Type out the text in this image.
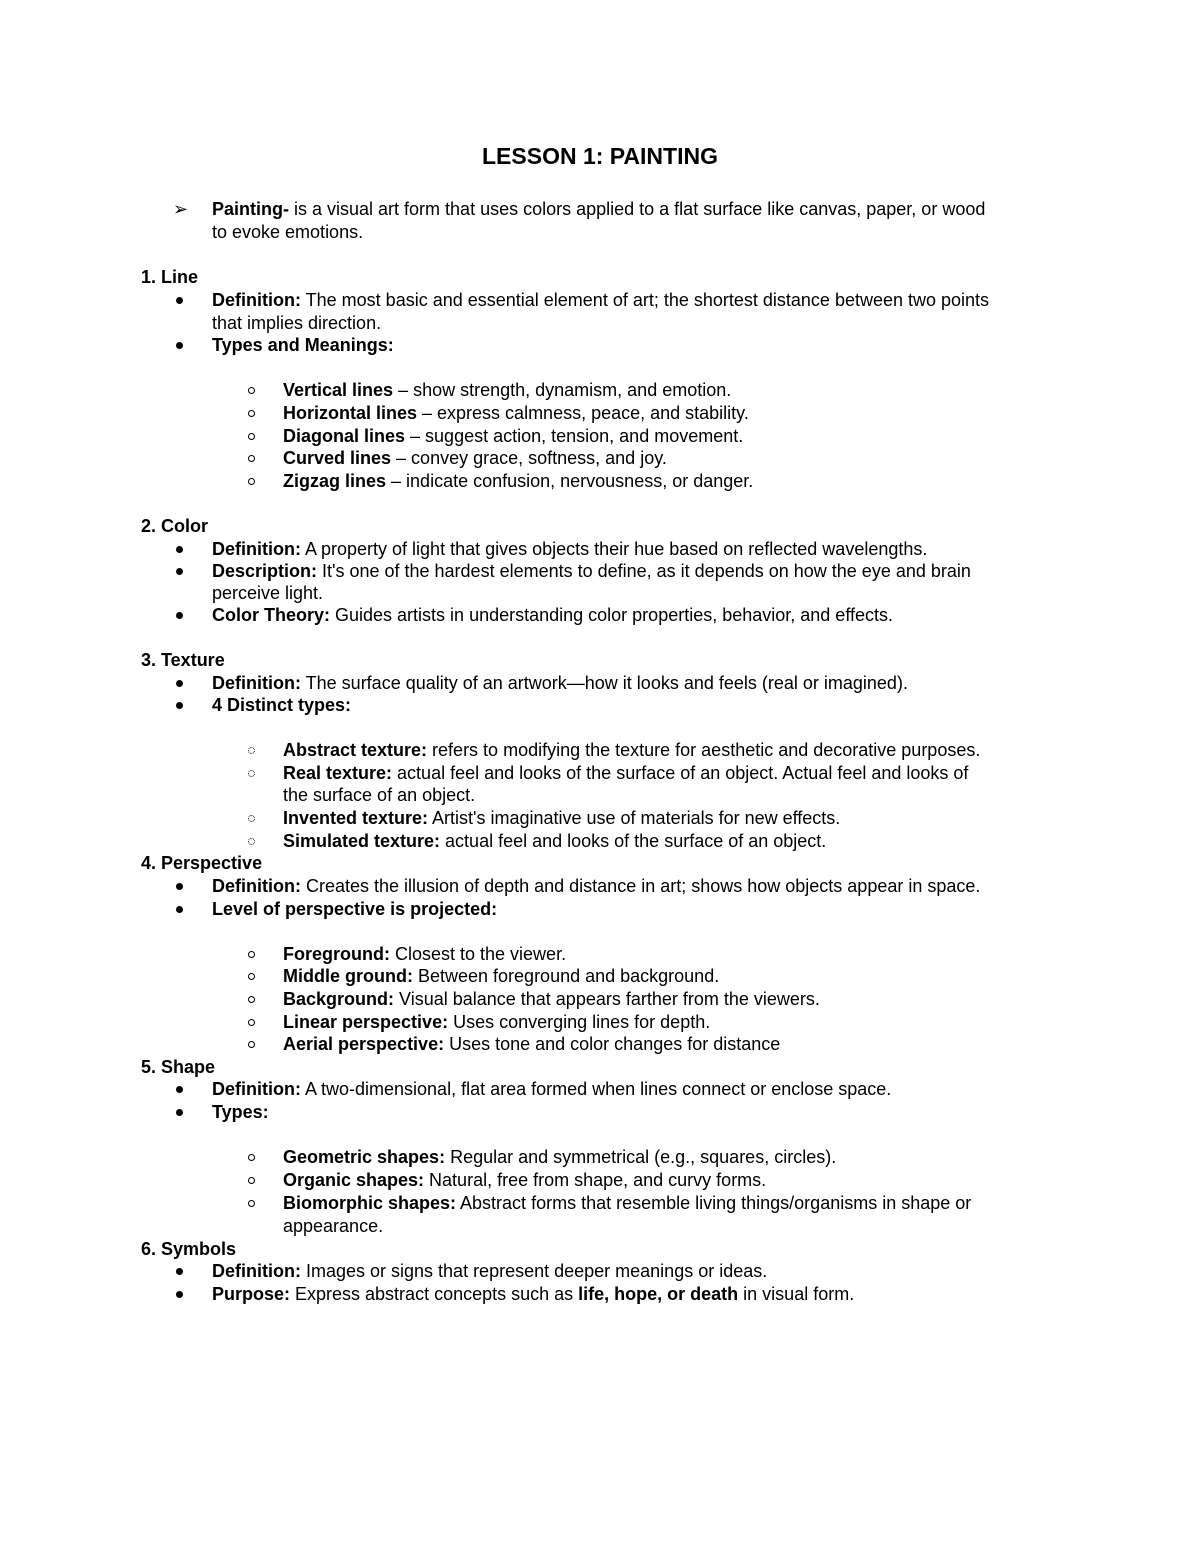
LESSON 1: PAINTING
➢ Painting- is a visual art form that uses colors applied to a flat surface like canvas, paper, or wood
to evoke emotions.
1. Line
Definition: The most basic and essential element of art; the shortest distance between two points
that implies direction.
Types and Meanings:
Vertical lines – show strength, dynamism, and emotion.
Horizontal lines – express calmness, peace, and stability.
Diagonal lines – suggest action, tension, and movement.
Curved lines – convey grace, softness, and joy.
Zigzag lines – indicate confusion, nervousness, or danger.
2. Color
Definition: A property of light that gives objects their hue based on reflected wavelengths.
Description: It's one of the hardest elements to define, as it depends on how the eye and brain
perceive light.
Color Theory: Guides artists in understanding color properties, behavior, and effects.
3. Texture
Definition: The surface quality of an artwork—how it looks and feels (real or imagined).
4 Distinct types:
Abstract texture: refers to modifying the texture for aesthetic and decorative purposes.
Real texture: actual feel and looks of the surface of an object. Actual feel and looks of
the surface of an object.
Invented texture: Artist's imaginative use of materials for new effects.
Simulated texture: actual feel and looks of the surface of an object.
4. Perspective
Definition: Creates the illusion of depth and distance in art; shows how objects appear in space.
Level of perspective is projected:
Foreground: Closest to the viewer.
Middle ground: Between foreground and background.
Background: Visual balance that appears farther from the viewers.
Linear perspective: Uses converging lines for depth.
Aerial perspective: Uses tone and color changes for distance
5. Shape
Definition: A two-dimensional, flat area formed when lines connect or enclose space.
Types:
Geometric shapes: Regular and symmetrical (e.g., squares, circles).
Organic shapes: Natural, free from shape, and curvy forms.
Biomorphic shapes: Abstract forms that resemble living things/organisms in shape or
appearance.
6. Symbols
Definition: Images or signs that represent deeper meanings or ideas.
Purpose: Express abstract concepts such as life, hope, or death in visual form.
